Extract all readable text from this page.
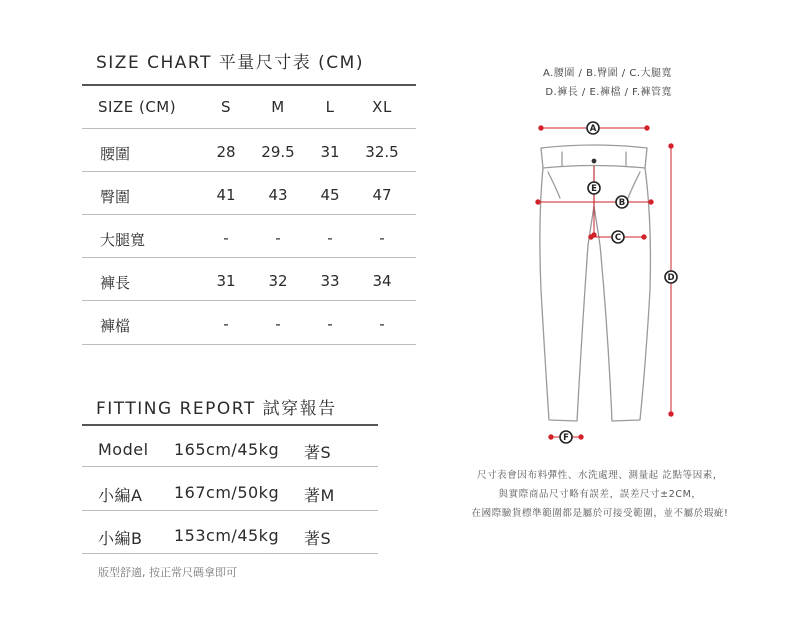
SIZE CHART 平量尺寸表 (CM)
SIZE (CM)	S	M	L	XL
腰圍	28	29.5	31	32.5
臀圍	41	43	45	47
大腿寬	-	-	-	-
褲長	31	32	33	34
褲檔	-	-	-	-
FITTING REPORT 試穿報告
Model 165cm/45kg 著S
小編A 167cm/50kg 著M
小編B 153cm/45kg 著S
版型舒適, 按正常尺碼拿即可
A.腰圍 / B.臀圍 / C.大腿寬
D.褲長 / E.褲檔 / F.褲管寬
A
E
B
C
D
F
尺寸表會因布料彈性、水洗處理、測量起 訖點等因素，
與實際商品尺寸略有誤差，誤差尺寸±2CM，
在國際驗貨標準範圍都是屬於可接受範圍，並不屬於瑕疵!
